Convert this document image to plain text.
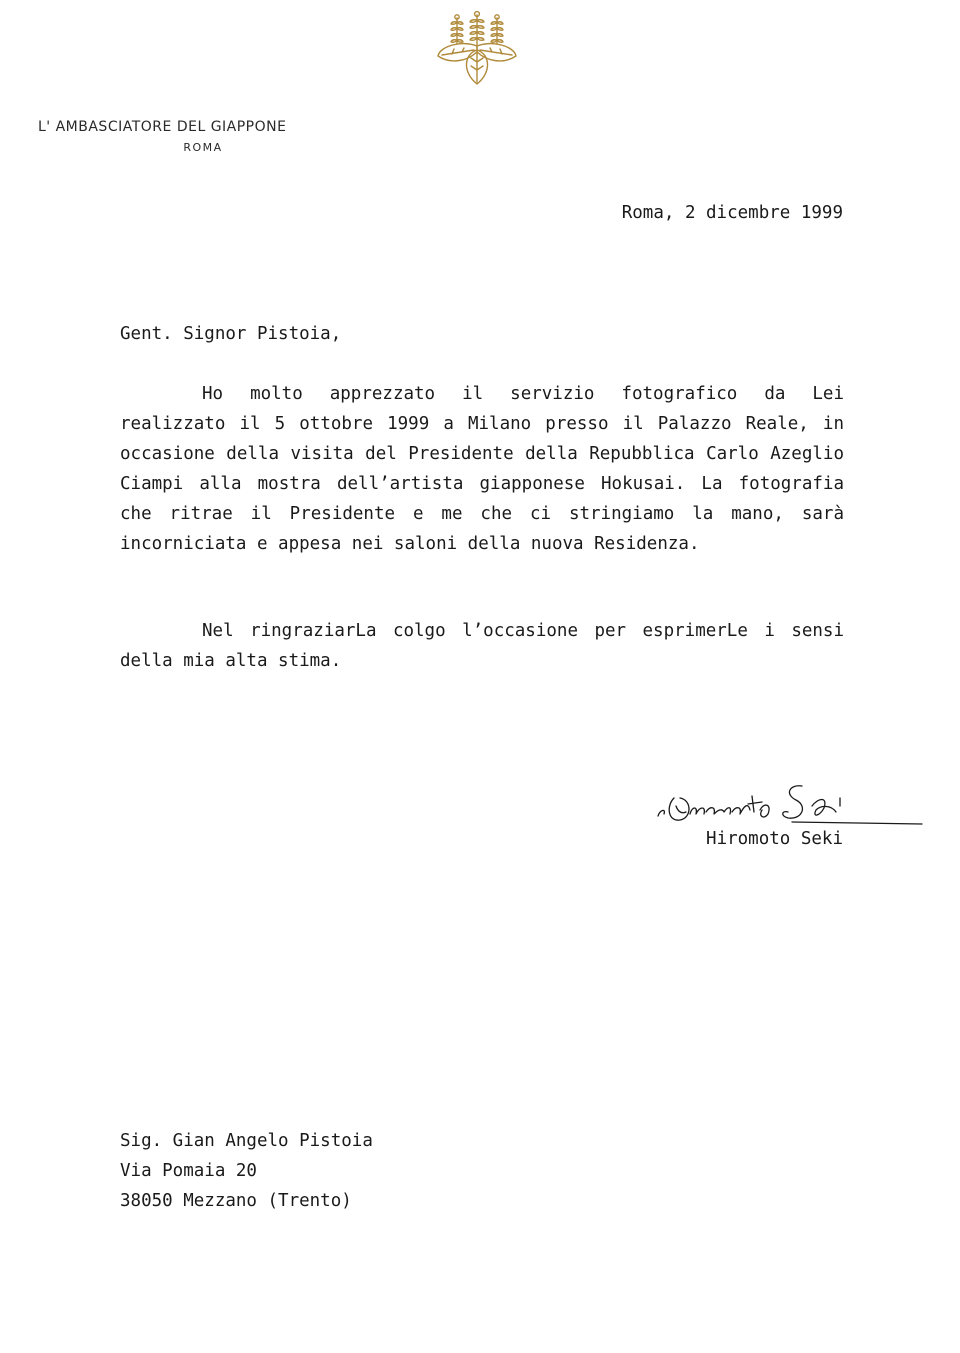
L' AMBASCIATORE DEL GIAPPONE
ROMA
Roma, 2 dicembre 1999
Gent. Signor Pistoia,

Ho molto apprezzato il servizio fotografico da Lei realizzato il 5 ottobre 1999 a Milano presso il Palazzo Reale, in occasione della visita del Presidente della Repubblica Carlo Azeglio Ciampi alla mostra dell’artista giapponese Hokusai. La fotografia che ritrae il Presidente e me che ci stringiamo la mano, sarà incorniciata e appesa nei saloni della nuova Residenza.

Nel ringraziarLa colgo l’occasione per esprimerLe i sensi della mia alta stima.

Hiromoto Seki
Sig. Gian Angelo Pistoia
Via Pomaia 20
38050 Mezzano (Trento)
